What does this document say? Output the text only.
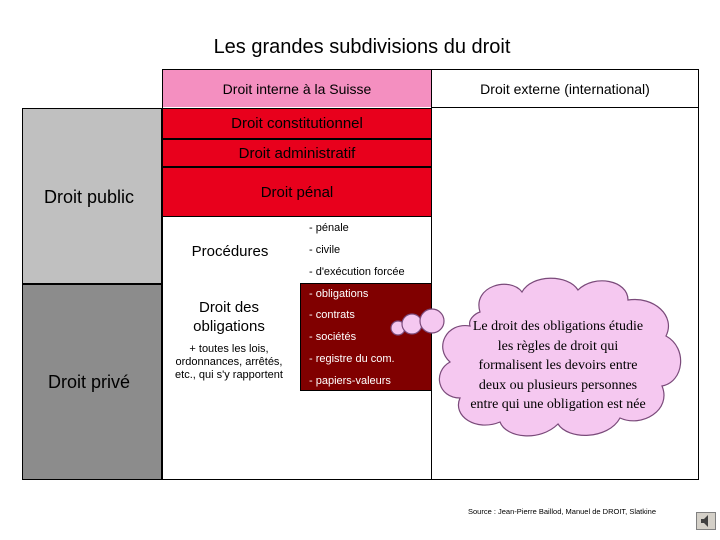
Les grandes subdivisions du droit
Droit public
Droit privé
Droit interne à la Suisse	Droit externe (international)
Droit constitutionnel
Droit administratif
Droit pénal
Procédures
- pénale
- civile
- d'exécution forcée
Droit des obligations
+ toutes les lois, ordonnances, arrêtés, etc., qui s'y rapportent
- obligations
- contrats
- sociétés
- registre du com.
- papiers-valeurs
Le droit des obligations étudie les règles de droit qui formalisent les devoirs entre deux ou plusieurs personnes entre qui une obligation est née
Source : Jean-Pierre Baillod, Manuel de DROIT, Slatkine
